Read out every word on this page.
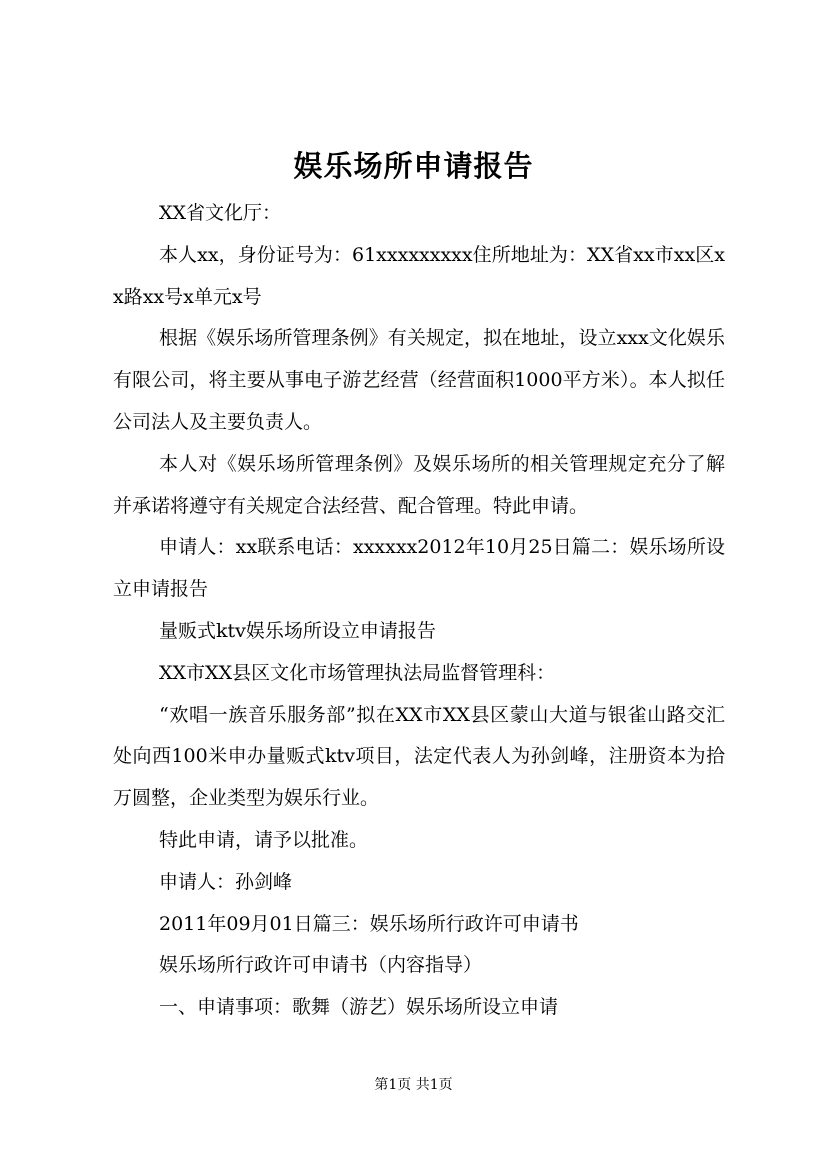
娱乐场所申请报告

XX省文化厅：

本人xx，身份证号为：61xxxxxxxxx住所地址为：XX省xx市xx区xx路xx号x单元x号

根据《娱乐场所管理条例》有关规定，拟在地址，设立xxx文化娱乐有限公司，将主要从事电子游艺经营（经营面积1000平方米）。本人拟任公司法人及主要负责人。

本人对《娱乐场所管理条例》及娱乐场所的相关管理规定充分了解并承诺将遵守有关规定合法经营、配合管理。特此申请。

申请人：xx联系电话：xxxxxx2012年10月25日篇二：娱乐场所设立申请报告

量贩式ktv娱乐场所设立申请报告

XX市XX县区文化市场管理执法局监督管理科：

“欢唱一族音乐服务部”拟在XX市XX县区蒙山大道与银雀山路交汇处向西100米申办量贩式ktv项目，法定代表人为孙剑峰，注册资本为拾万圆整，企业类型为娱乐行业。

特此申请，请予以批准。

申请人：孙剑峰

2011年09月01日篇三：娱乐场所行政许可申请书

娱乐场所行政许可申请书（内容指导）

一、申请事项：歌舞（游艺）娱乐场所设立申请

第1页 共1页
